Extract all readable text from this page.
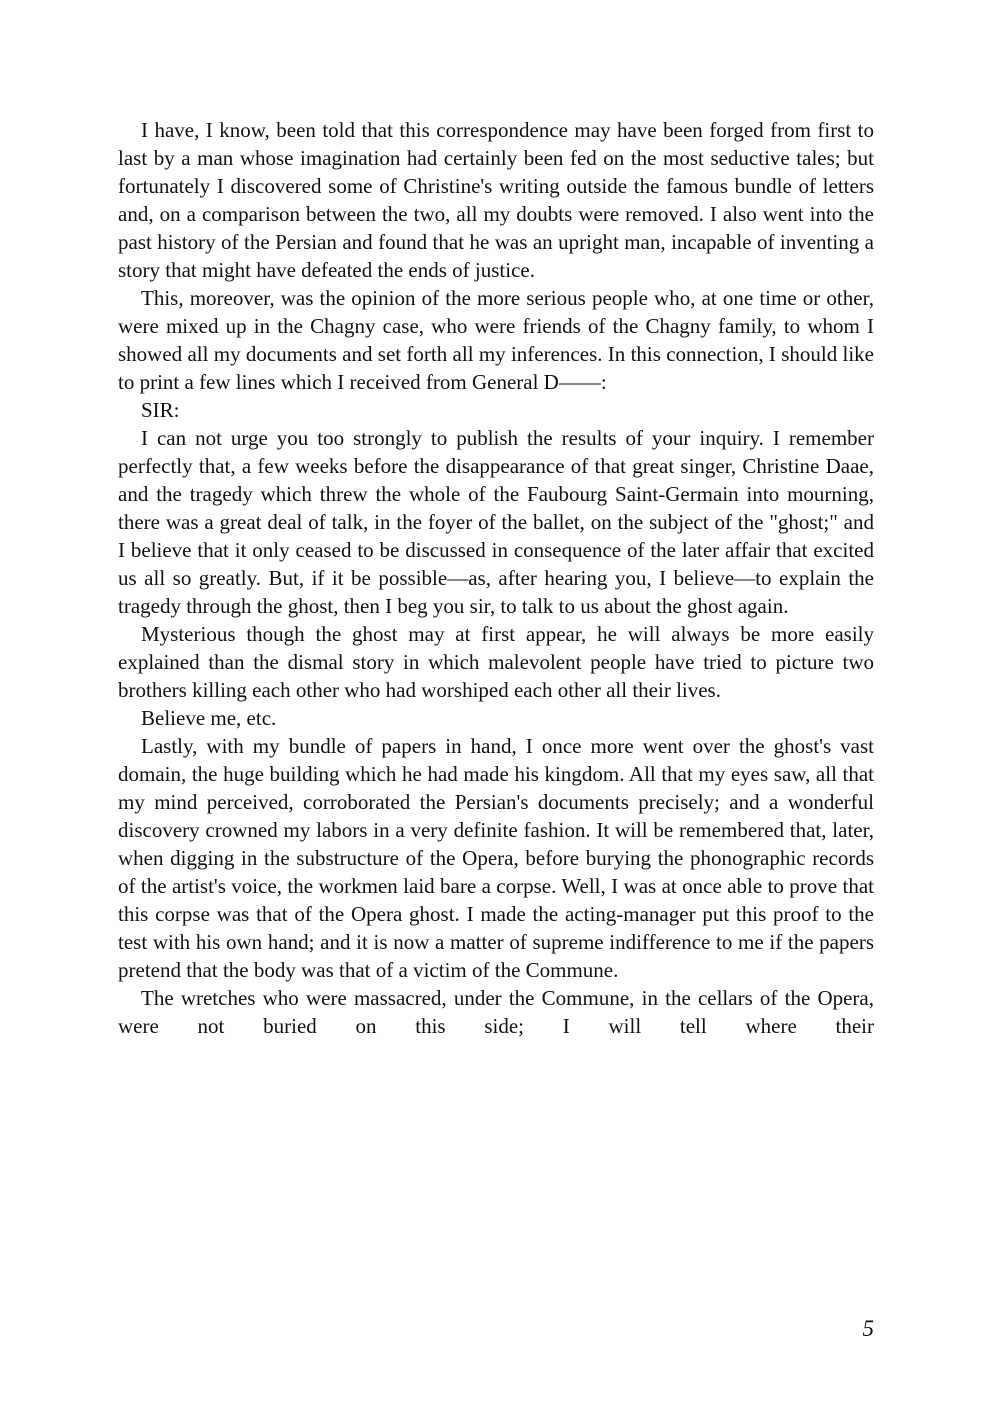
I have, I know, been told that this correspondence may have been forged from first to last by a man whose imagination had certainly been fed on the most seductive tales; but fortunately I discovered some of Christine's writing outside the famous bundle of letters and, on a comparison between the two, all my doubts were removed. I also went into the past history of the Persian and found that he was an upright man, incapable of inventing a story that might have defeated the ends of justice.

This, moreover, was the opinion of the more serious people who, at one time or other, were mixed up in the Chagny case, who were friends of the Chagny family, to whom I showed all my documents and set forth all my inferences. In this connection, I should like to print a few lines which I received from General D——:

SIR:

I can not urge you too strongly to publish the results of your inquiry. I remember perfectly that, a few weeks before the disappearance of that great singer, Christine Daae, and the tragedy which threw the whole of the Faubourg Saint-Germain into mourning, there was a great deal of talk, in the foyer of the ballet, on the subject of the "ghost;" and I believe that it only ceased to be discussed in consequence of the later affair that excited us all so greatly. But, if it be possible—as, after hearing you, I believe—to explain the tragedy through the ghost, then I beg you sir, to talk to us about the ghost again.

Mysterious though the ghost may at first appear, he will always be more easily explained than the dismal story in which malevolent people have tried to picture two brothers killing each other who had worshiped each other all their lives.

Believe me, etc.

Lastly, with my bundle of papers in hand, I once more went over the ghost's vast domain, the huge building which he had made his kingdom. All that my eyes saw, all that my mind perceived, corroborated the Persian's documents precisely; and a wonderful discovery crowned my labors in a very definite fashion. It will be remembered that, later, when digging in the substructure of the Opera, before burying the phonographic records of the artist's voice, the workmen laid bare a corpse. Well, I was at once able to prove that this corpse was that of the Opera ghost. I made the acting-manager put this proof to the test with his own hand; and it is now a matter of supreme indifference to me if the papers pretend that the body was that of a victim of the Commune.

The wretches who were massacred, under the Commune, in the cellars of the Opera, were not buried on this side; I will tell where their

5
